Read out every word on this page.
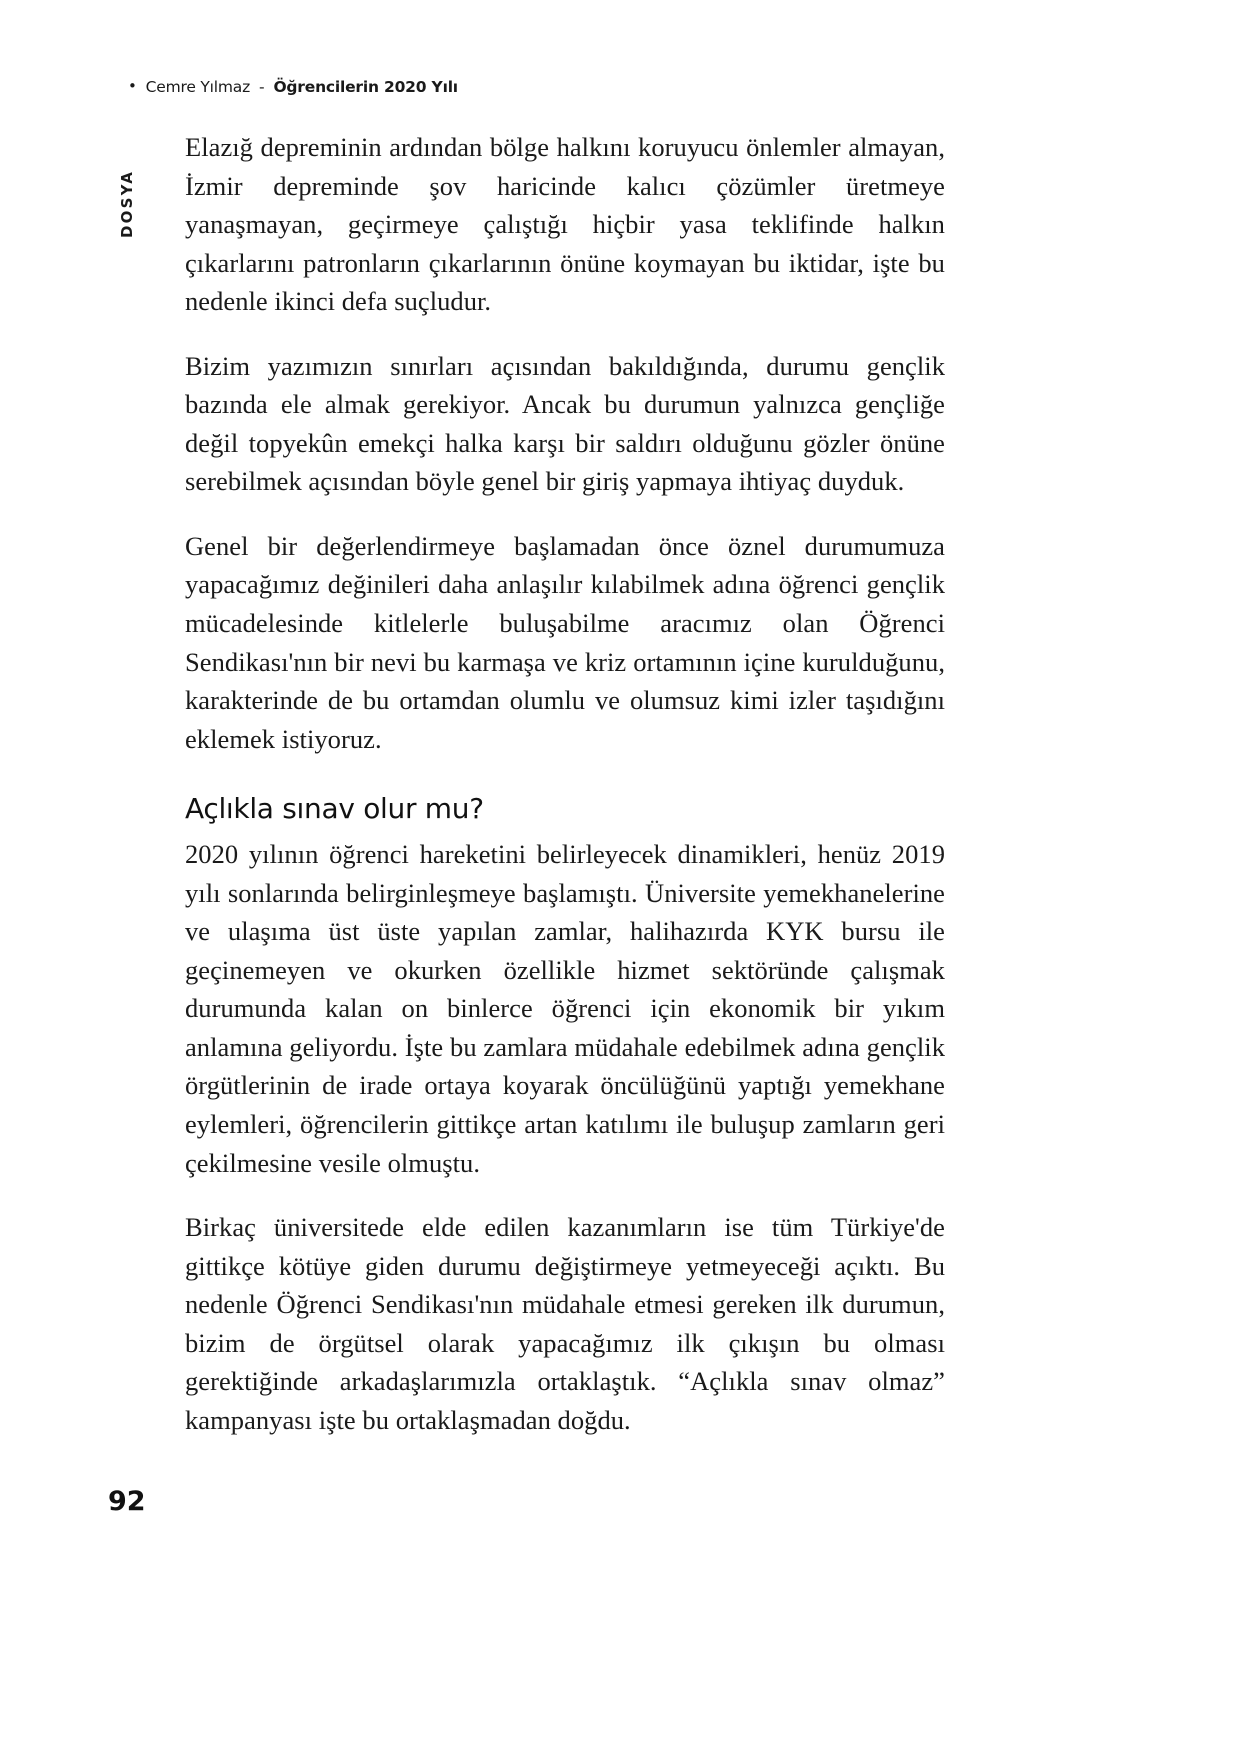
• Cemre Yılmaz - Öğrencilerin 2020 Yılı
DOSYA

Elazığ depreminin ardından bölge halkını koruyucu önlemler almayan, İzmir depreminde şov haricinde kalıcı çözümler üretmeye yanaşmayan, geçirmeye çalıştığı hiçbir yasa teklifinde halkın çıkarlarını patronların çıkarlarının önüne koymayan bu iktidar, işte bu nedenle ikinci defa suçludur.

Bizim yazımızın sınırları açısından bakıldığında, durumu gençlik bazında ele almak gerekiyor. Ancak bu durumun yalnızca gençliğe değil topyekûn emekçi halka karşı bir saldırı olduğunu gözler önüne serebilmek açısından böyle genel bir giriş yapmaya ihtiyaç duyduk.

Genel bir değerlendirmeye başlamadan önce öznel durumumuza yapacağımız değinileri daha anlaşılır kılabilmek adına öğrenci gençlik mücadelesinde kitlelerle buluşabilme aracımız olan Öğrenci Sendikası'nın bir nevi bu karmaşa ve kriz ortamının içine kurulduğunu, karakterinde de bu ortamdan olumlu ve olumsuz kimi izler taşıdığını eklemek istiyoruz.

Açlıkla sınav olur mu?

2020 yılının öğrenci hareketini belirleyecek dinamikleri, henüz 2019 yılı sonlarında belirginleşmeye başlamıştı. Üniversite yemekhanelerine ve ulaşıma üst üste yapılan zamlar, halihazırda KYK bursu ile geçinemeyen ve okurken özellikle hizmet sektöründe çalışmak durumunda kalan on binlerce öğrenci için ekonomik bir yıkım anlamına geliyordu. İşte bu zamlara müdahale edebilmek adına gençlik örgütlerinin de irade ortaya koyarak öncülüğünü yaptığı yemekhane eylemleri, öğrencilerin gittikçe artan katılımı ile buluşup zamların geri çekilmesine vesile olmuştu.

Birkaç üniversitede elde edilen kazanımların ise tüm Türkiye'de gittikçe kötüye giden durumu değiştirmeye yetmeyeceği açıktı. Bu nedenle Öğrenci Sendikası'nın müdahale etmesi gereken ilk durumun, bizim de örgütsel olarak yapacağımız ilk çıkışın bu olması gerektiğinde arkadaşlarımızla ortaklaştık. “Açlıkla sınav olmaz” kampanyası işte bu ortaklaşmadan doğdu.

92
